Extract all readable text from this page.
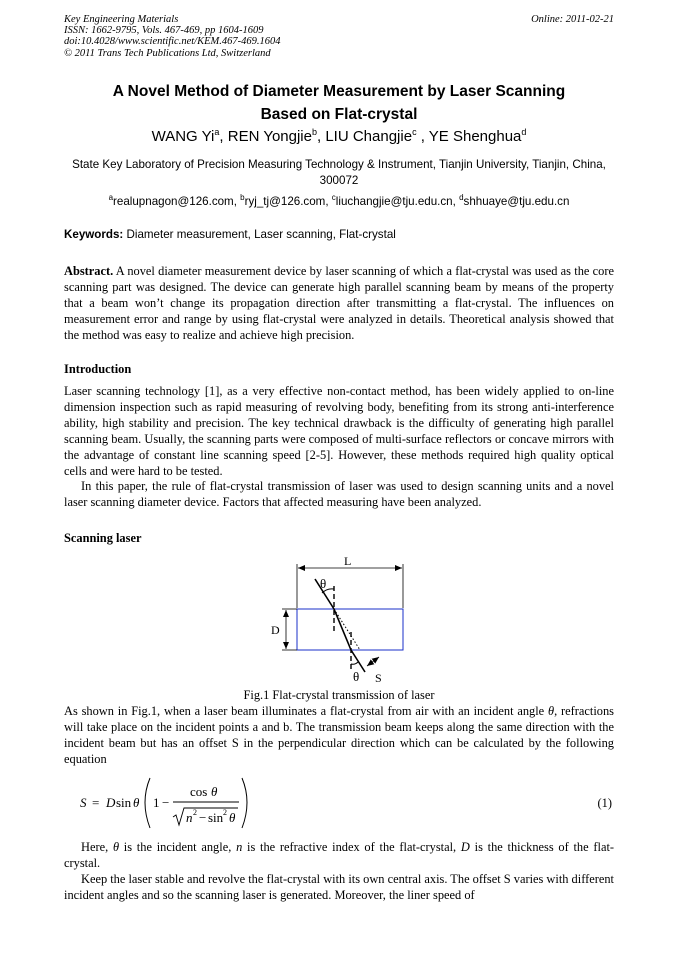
Key Engineering Materials
ISSN: 1662-9795, Vols. 467-469, pp 1604-1609
doi:10.4028/www.scientific.net/KEM.467-469.1604
© 2011 Trans Tech Publications Ltd, Switzerland
Online: 2011-02-21
A Novel Method of Diameter Measurement by Laser Scanning
Based on Flat-crystal
WANG Yi$^a$, REN Yongjie$^b$, LIU Changjie$^c$ , YE Shenghua$^d$
State Key Laboratory of Precision Measuring Technology & Instrument, Tianjin University, Tianjin, China, 300072
$^a$realupnagon@126.com, $^b$ryj_tj@126.com, $^c$liuchangjie@tju.edu.cn, $^d$shhuaye@tju.edu.cn
Keywords: Diameter measurement, Laser scanning, Flat-crystal
Abstract. A novel diameter measurement device by laser scanning of which a flat-crystal was used as the core scanning part was designed. The device can generate high parallel scanning beam by means of the property that a beam won’t change its propagation direction after transmitting a flat-crystal. The influences on measurement error and range by using flat-crystal were analyzed in details. Theoretical analysis showed that the method was easy to realize and achieve high precision.
Introduction
Laser scanning technology [1], as a very effective non-contact method, has been widely applied to on-line dimension inspection such as rapid measuring of revolving body, benefiting from its strong anti-interference ability, high stability and precision. The key technical drawback is the difficulty of generating high parallel scanning beam. Usually, the scanning parts were composed of multi-surface reflectors or concave mirrors with the advantage of constant line scanning speed [2-5]. However, these methods required high quality optical cells and were hard to be tested.
In this paper, the rule of flat-crystal transmission of laser was used to design scanning units and a novel laser scanning diameter device. Factors that affected measuring have been analyzed.
Scanning laser
L
D
θ
θ S
Fig.1 Flat-crystal transmission of laser
As shown in Fig.1, when a laser beam illuminates a flat-crystal from air with an incident angle θ, refractions will take place on the incident points a and b. The transmission beam keeps along the same direction with the incident beam but has an offset S in the perpendicular direction which can be calculated by the following equation
S = D sin θ 1 −
cos θ
n 2 − sin 2 θ
(1)
Here, θ is the incident angle, n is the refractive index of the flat-crystal, D is the thickness of the flat-crystal.
Keep the laser stable and revolve the flat-crystal with its own central axis. The offset S varies with different incident angles and so the scanning laser is generated. Moreover, the liner speed of
